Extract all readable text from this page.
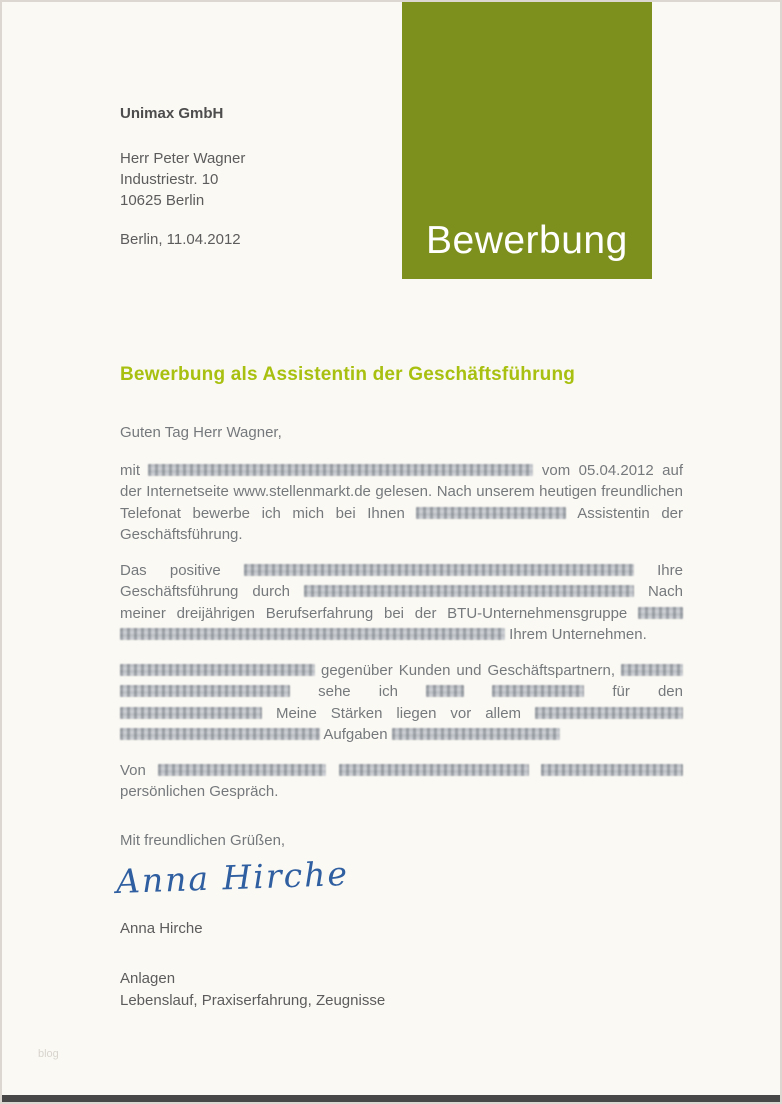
Bewerbung
Unimax GmbH
Herr Peter Wagner
Industriestr. 10
10625 Berlin
Berlin, 11.04.2012
Bewerbung als Assistentin der Geschäftsführung

Guten Tag Herr Wagner,

mit	vom 05.04.2012 auf der Internetseite www.stellenmarkt.de gelesen. Nach unserem heutigen freundlichen Telefonat bewerbe ich mich bei Ihnen	Assistentin der Geschäftsführung.

Das positive	Ihre Geschäftsführung durch	Nach meiner dreijährigen Berufserfahrung bei der BTU-Unternehmensgruppe   Ihrem Unternehmen.

gegenüber Kunden und Geschäftspartnern,   sehe ich	für den  Meine Stärken liegen vor allem   Aufgaben

Von    persönlichen Gespräch.

Mit freundlichen Grüßen,
Anna Hirche
Anna Hirche
Anlagen
Lebenslauf, Praxiserfahrung, Zeugnisse
blog
